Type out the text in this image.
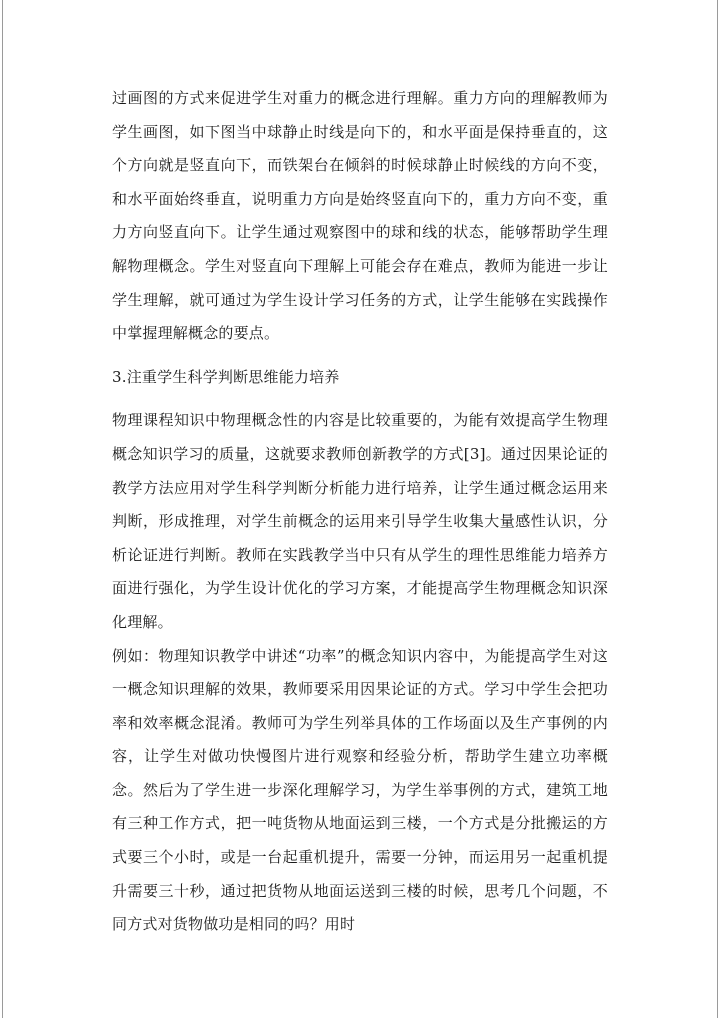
过画图的方式来促进学生对重力的概念进行理解。重力方向的理解教师为学生画图，如下图当中球静止时线是向下的，和水平面是保持垂直的，这个方向就是竖直向下，而铁架台在倾斜的时候球静止时候线的方向不变，和水平面始终垂直，说明重力方向是始终竖直向下的，重力方向不变，重力方向竖直向下。让学生通过观察图中的球和线的状态，能够帮助学生理解物理概念。学生对竖直向下理解上可能会存在难点，教师为能进一步让学生理解，就可通过为学生设计学习任务的方式，让学生能够在实践操作中掌握理解概念的要点。

3.注重学生科学判断思维能力培养

物理课程知识中物理概念性的内容是比较重要的，为能有效提高学生物理概念知识学习的质量，这就要求教师创新教学的方式[3]。通过因果论证的教学方法应用对学生科学判断分析能力进行培养，让学生通过概念运用来判断，形成推理，对学生前概念的运用来引导学生收集大量感性认识，分析论证进行判断。教师在实践教学当中只有从学生的理性思维能力培养方面进行强化，为学生设计优化的学习方案，才能提高学生物理概念知识深化理解。

例如：物理知识教学中讲述“功率”的概念知识内容中，为能提高学生对这一概念知识理解的效果，教师要采用因果论证的方式。学习中学生会把功率和效率概念混淆。教师可为学生列举具体的工作场面以及生产事例的内容，让学生对做功快慢图片进行观察和经验分析，帮助学生建立功率概念。然后为了学生进一步深化理解学习，为学生举事例的方式，建筑工地有三种工作方式，把一吨货物从地面运到三楼，一个方式是分批搬运的方式要三个小时，或是一台起重机提升，需要一分钟，而运用另一起重机提升需要三十秒，通过把货物从地面运送到三楼的时候，思考几个问题，不同方式对货物做功是相同的吗？用时
